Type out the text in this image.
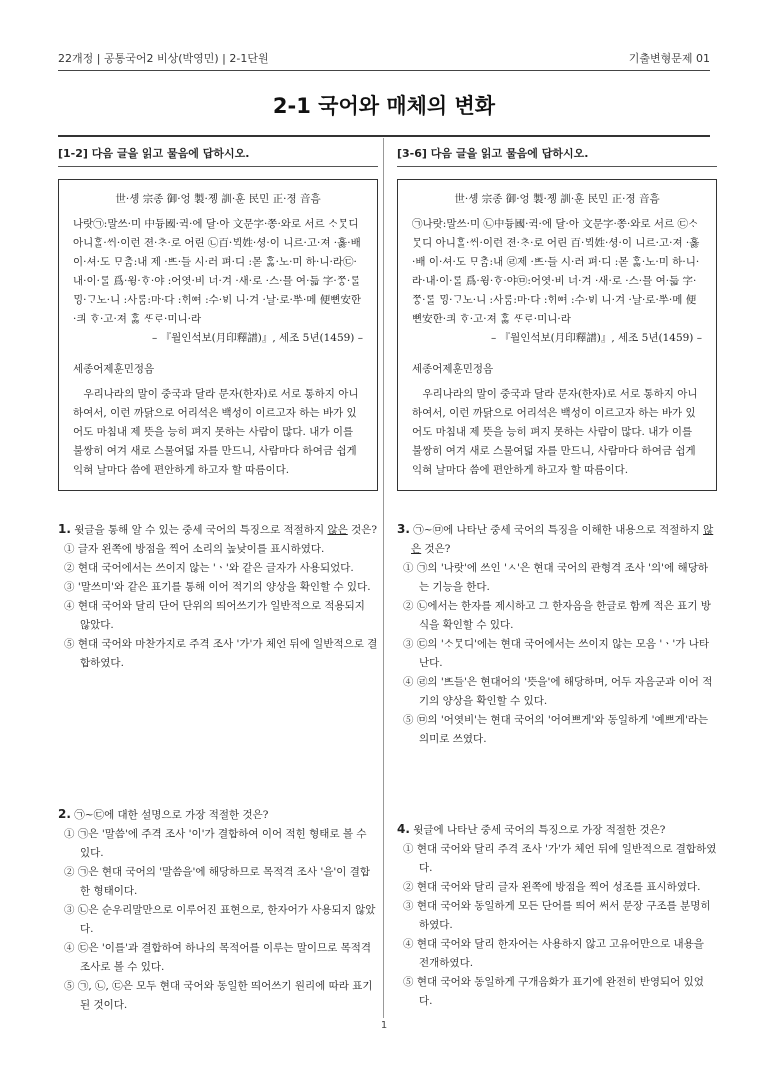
22개정 | 공통국어2 비상(박영민) | 2-1단원	기출변형문제 01
2-1 국어와 매체의 변화
[1-2] 다음 글을 읽고 물음에 답하시오.

世·솅 宗종 御·엉 製·졩 訓·훈 民민 正·졍 音흠

나랏㉠:말쓰·미 中듕國·귁·에 달·아 文문字·쫑·와로 서르 ᄉᆞᄆᆞᆺ디 아니ᄒᆞᆯ·ᄊᆡ·이런 젼·ᄎᆞ·로 어린 ㉡百·ᄇᆡᆨ姓·셩·이 니르·고·져 ·홇·배 이·셔·도 ᄆᆞᄎᆞᆷ:내 제 ·ᄠᅳ·들 시·러 펴·디 :몯 ᄒᆞᇙ·노·미 하·니·라㉢·내·이·ᄅᆞᆯ 爲·윙·ᄒᆞ·야 :어엿·비 너·겨 ·새·로 ·스·믈 여·듧 字·ᄍᆞᆼ·ᄅᆞᆯ ᄆᆡᆼ·ᄀᆞ노·니 :사ᄅᆞᆷ:마·다 :ᄒᆡᅇᅧ :수·ᄫᅵ 니·겨 ·날·로·ᄡᅮ·메 便뼌安ᅙᅡᆫ·킈 ᄒᆞ·고·져 ᄒᆞᇙ ᄯᆞᄅᆞ·미니·라

– 『월인석보(月印釋譜)』, 세조 5년(1459) –

세종어제훈민정음

우리나라의 말이 중국과 달라 문자(한자)로 서로 통하지 아니하여서, 이런 까닭으로 어리석은 백성이 이르고자 하는 바가 있어도 마침내 제 뜻을 능히 펴지 못하는 사람이 많다. 내가 이를 불쌍히 여겨 새로 스물여덟 자를 만드니, 사람마다 하여금 쉽게 익혀 날마다 씀에 편안하게 하고자 할 따름이다.

[3-6] 다음 글을 읽고 물음에 답하시오.

世·솅 宗종 御·엉 製·졩 訓·훈 民민 正·졍 音흠

㉠나랏:말쓰·미 ㉡中듕國·귁·에 달·아 文문字·쫑·와로 서르 ㉢ᄉᆞᄆᆞᆺ디 아니ᄒᆞᆯ·ᄊᆡ·이런 젼·ᄎᆞ·로 어린 百·ᄇᆡᆨ姓·셩·이 니르·고·져 ·홇·배 이·셔·도 ᄆᆞᄎᆞᆷ:내 ㉣제 ·ᄠᅳ·들 시·러 펴·디 :몯 ᄒᆞᇙ·노·미 하·니·라·내·이·ᄅᆞᆯ 爲·윙·ᄒᆞ·야㉤:어엿·비 너·겨 ·새·로 ·스·믈 여·듧 字·ᄍᆞᆼ·ᄅᆞᆯ ᄆᆡᆼ·ᄀᆞ노·니 :사ᄅᆞᆷ:마·다 :ᄒᆡᅇᅧ :수·ᄫᅵ 니·겨 ·날·로·ᄡᅮ·메 便뼌安ᅙᅡᆫ·킈 ᄒᆞ·고·져 ᄒᆞᇙ ᄯᆞᄅᆞ·미니·라

– 『월인석보(月印釋譜)』, 세조 5년(1459) –

세종어제훈민정음

우리나라의 말이 중국과 달라 문자(한자)로 서로 통하지 아니하여서, 이런 까닭으로 어리석은 백성이 이르고자 하는 바가 있어도 마침내 제 뜻을 능히 펴지 못하는 사람이 많다. 내가 이를 불쌍히 여겨 새로 스물여덟 자를 만드니, 사람마다 하여금 쉽게 익혀 날마다 씀에 편안하게 하고자 할 따름이다.

1. 윗글을 통해 알 수 있는 중세 국어의 특징으로 적절하지 않은 것은?

① 글자 왼쪽에 방점을 찍어 소리의 높낮이를 표시하였다.

② 현대 국어에서는 쓰이지 않는 'ㆍ'와 같은 글자가 사용되었다.

③ '말쓰미'와 같은 표기를 통해 이어 적기의 양상을 확인할 수 있다.

④ 현대 국어와 달리 단어 단위의 띄어쓰기가 일반적으로 적용되지 않았다.

⑤ 현대 국어와 마찬가지로 주격 조사 '가'가 체언 뒤에 일반적으로 결합하였다.

2. ㉠~㉢에 대한 설명으로 가장 적절한 것은?

① ㉠은 '말씀'에 주격 조사 '이'가 결합하여 이어 적힌 형태로 볼 수 있다.

② ㉠은 현대 국어의 '말씀을'에 해당하므로 목적격 조사 '을'이 결합한 형태이다.

③ ㉡은 순우리말만으로 이루어진 표현으로, 한자어가 사용되지 않았다.

④ ㉢은 '이를'과 결합하여 하나의 목적어를 이루는 말이므로 목적격 조사로 볼 수 있다.

⑤ ㉠, ㉡, ㉢은 모두 현대 국어와 동일한 띄어쓰기 원리에 따라 표기된 것이다.

3. ㉠~㉤에 나타난 중세 국어의 특징을 이해한 내용으로 적절하지 않은 것은?

① ㉠의 '나랏'에 쓰인 'ㅅ'은 현대 국어의 관형격 조사 '의'에 해당하는 기능을 한다.

② ㉡에서는 한자를 제시하고 그 한자음을 한글로 함께 적은 표기 방식을 확인할 수 있다.

③ ㉢의 'ᄉᆞᄆᆞᆺ디'에는 현대 국어에서는 쓰이지 않는 모음 'ㆍ'가 나타난다.

④ ㉣의 'ᄠᅳ들'은 현대어의 '뜻을'에 해당하며, 어두 자음군과 이어 적기의 양상을 확인할 수 있다.

⑤ ㉤의 '어엿비'는 현대 국어의 '어여쁘게'와 동일하게 '예쁘게'라는 의미로 쓰였다.

4. 윗글에 나타난 중세 국어의 특징으로 가장 적절한 것은?

① 현대 국어와 달리 주격 조사 '가'가 체언 뒤에 일반적으로 결합하였다.

② 현대 국어와 달리 글자 왼쪽에 방점을 찍어 성조를 표시하였다.

③ 현대 국어와 동일하게 모든 단어를 띄어 써서 문장 구조를 분명히 하였다.

④ 현대 국어와 달리 한자어는 사용하지 않고 고유어만으로 내용을 전개하였다.

⑤ 현대 국어와 동일하게 구개음화가 표기에 완전히 반영되어 있었다.

1
